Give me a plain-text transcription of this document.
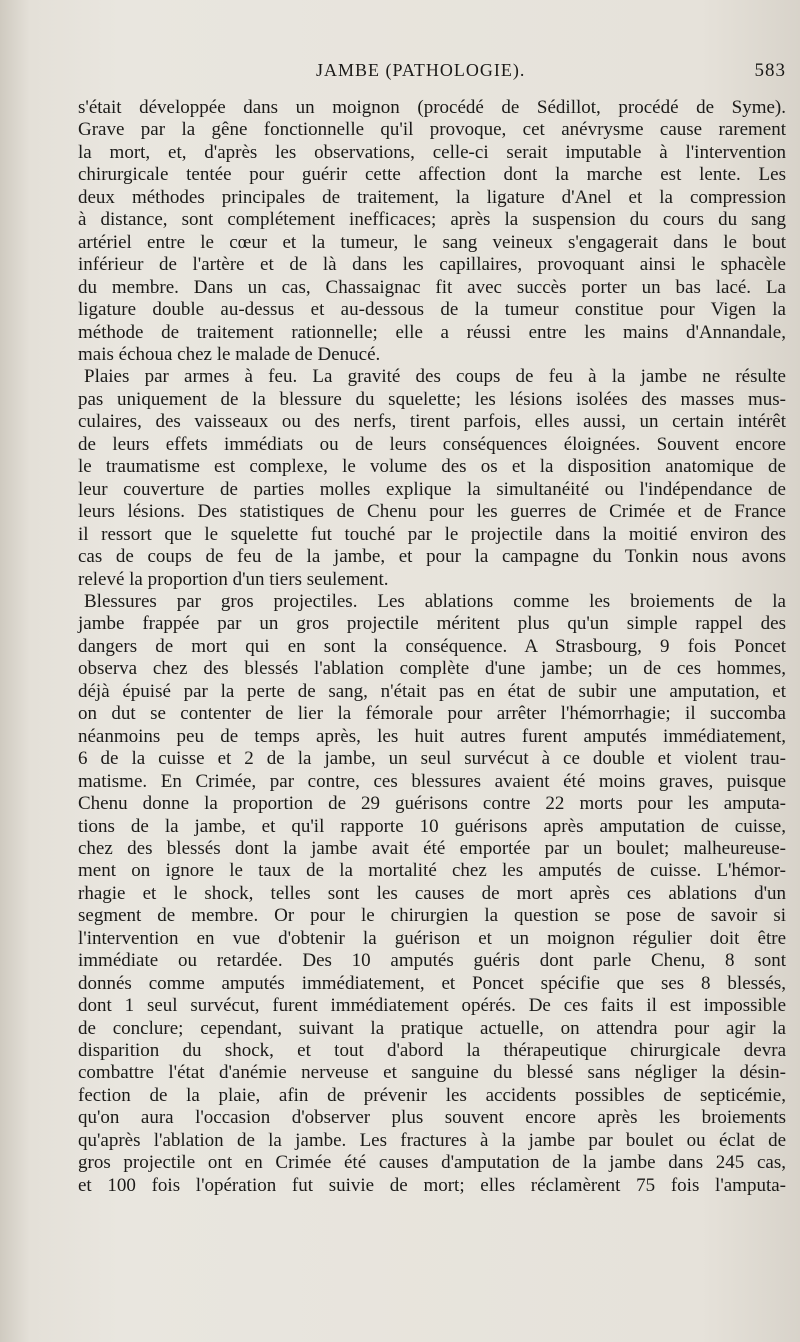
JAMBE (PATHOLOGIE).	583
s'était développée dans un moignon (procédé de Sédillot, procédé de Syme).
Grave par la gêne fonctionnelle qu'il provoque, cet anévrysme cause rarement
la mort, et, d'après les observations, celle-ci serait imputable à l'intervention
chirurgicale tentée pour guérir cette affection dont la marche est lente. Les
deux méthodes principales de traitement, la ligature d'Anel et la compression
à distance, sont complétement inefficaces; après la suspension du cours du sang
artériel entre le cœur et la tumeur, le sang veineux s'engagerait dans le bout
inférieur de l'artère et de là dans les capillaires, provoquant ainsi le sphacèle
du membre. Dans un cas, Chassaignac fit avec succès porter un bas lacé. La
ligature double au-dessus et au-dessous de la tumeur constitue pour Vigen la
méthode de traitement rationnelle; elle a réussi entre les mains d'Annandale,
mais échoua chez le malade de Denucé.
Plaies par armes à feu. La gravité des coups de feu à la jambe ne résulte
pas uniquement de la blessure du squelette; les lésions isolées des masses mus-
culaires, des vaisseaux ou des nerfs, tirent parfois, elles aussi, un certain intérêt
de leurs effets immédiats ou de leurs conséquences éloignées. Souvent encore
le traumatisme est complexe, le volume des os et la disposition anatomique de
leur couverture de parties molles explique la simultanéité ou l'indépendance de
leurs lésions. Des statistiques de Chenu pour les guerres de Crimée et de France
il ressort que le squelette fut touché par le projectile dans la moitié environ des
cas de coups de feu de la jambe, et pour la campagne du Tonkin nous avons
relevé la proportion d'un tiers seulement.
Blessures par gros projectiles. Les ablations comme les broiements de la
jambe frappée par un gros projectile méritent plus qu'un simple rappel des
dangers de mort qui en sont la conséquence. A Strasbourg, 9 fois Poncet
observa chez des blessés l'ablation complète d'une jambe; un de ces hommes,
déjà épuisé par la perte de sang, n'était pas en état de subir une amputation, et
on dut se contenter de lier la fémorale pour arrêter l'hémorrhagie; il succomba
néanmoins peu de temps après, les huit autres furent amputés immédiatement,
6 de la cuisse et 2 de la jambe, un seul survécut à ce double et violent trau-
matisme. En Crimée, par contre, ces blessures avaient été moins graves, puisque
Chenu donne la proportion de 29 guérisons contre 22 morts pour les amputa-
tions de la jambe, et qu'il rapporte 10 guérisons après amputation de cuisse,
chez des blessés dont la jambe avait été emportée par un boulet; malheureuse-
ment on ignore le taux de la mortalité chez les amputés de cuisse. L'hémor-
rhagie et le shock, telles sont les causes de mort après ces ablations d'un
segment de membre. Or pour le chirurgien la question se pose de savoir si
l'intervention en vue d'obtenir la guérison et un moignon régulier doit être
immédiate ou retardée. Des 10 amputés guéris dont parle Chenu, 8 sont
donnés comme amputés immédiatement, et Poncet spécifie que ses 8 blessés,
dont 1 seul survécut, furent immédiatement opérés. De ces faits il est impossible
de conclure; cependant, suivant la pratique actuelle, on attendra pour agir la
disparition du shock, et tout d'abord la thérapeutique chirurgicale devra
combattre l'état d'anémie nerveuse et sanguine du blessé sans négliger la désin-
fection de la plaie, afin de prévenir les accidents possibles de septicémie,
qu'on aura l'occasion d'observer plus souvent encore après les broiements
qu'après l'ablation de la jambe. Les fractures à la jambe par boulet ou éclat de
gros projectile ont en Crimée été causes d'amputation de la jambe dans 245 cas,
et 100 fois l'opération fut suivie de mort; elles réclamèrent 75 fois l'amputa-
